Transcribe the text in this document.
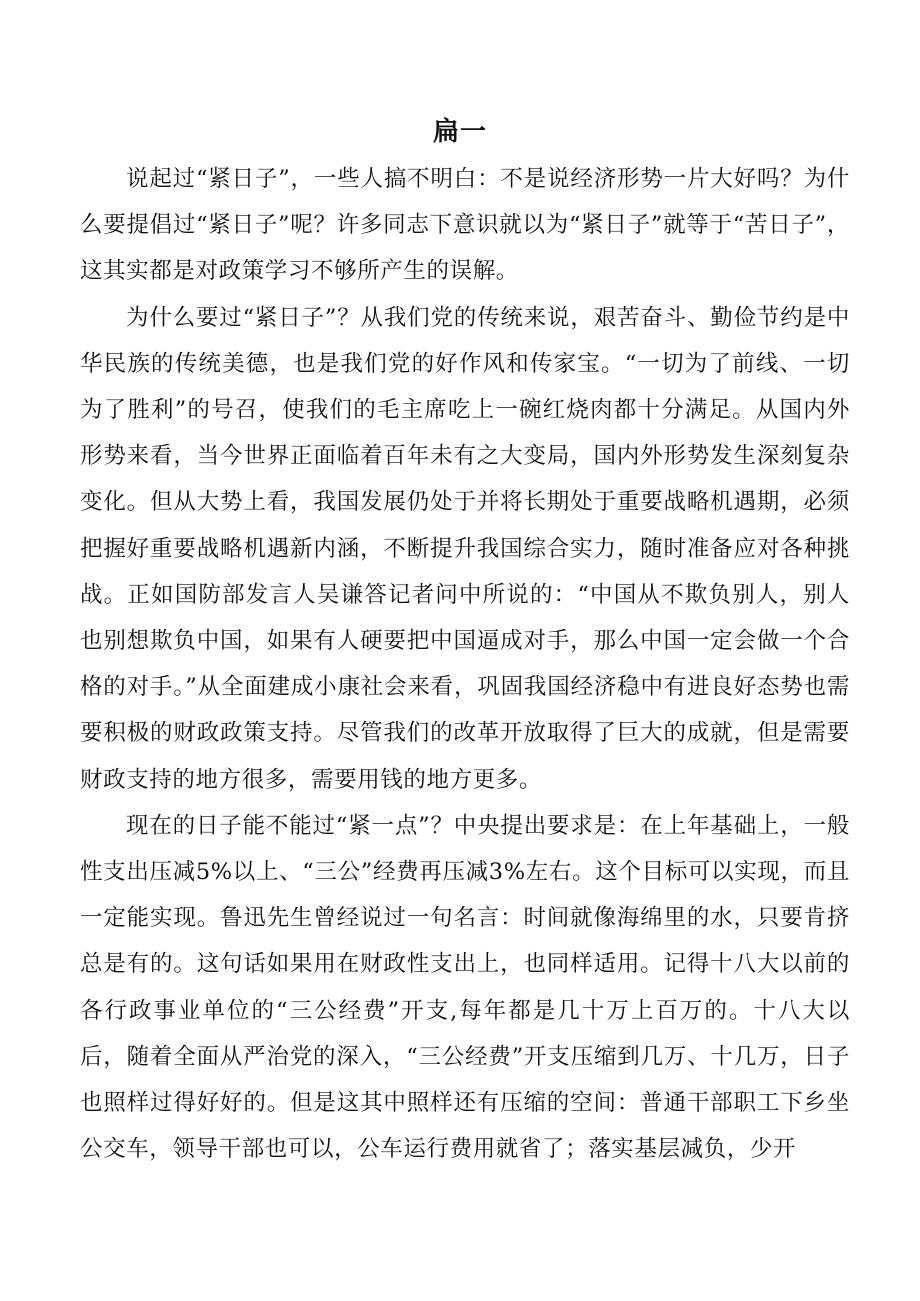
扁一

说起过“紧日子”，一些人搞不明白：不是说经济形势一片大好吗？为什么要提倡过“紧日子”呢？许多同志下意识就以为“紧日子”就等于“苦日子”，这其实都是对政策学习不够所产生的误解。

为什么要过“紧日子”？从我们党的传统来说，艰苦奋斗、勤俭节约是中华民族的传统美德，也是我们党的好作风和传家宝。“一切为了前线、一切为了胜利”的号召，使我们的毛主席吃上一碗红烧肉都十分满足。从国内外形势来看，当今世界正面临着百年未有之大变局，国内外形势发生深刻复杂变化。但从大势上看，我国发展仍处于并将长期处于重要战略机遇期，必须把握好重要战略机遇新内涵，不断提升我国综合实力，随时准备应对各种挑战。正如国防部发言人吴谦答记者问中所说的：“中国从不欺负别人，别人也别想欺负中国，如果有人硬要把中国逼成对手，那么中国一定会做一个合格的对手。”从全面建成小康社会来看，巩固我国经济稳中有进良好态势也需要积极的财政政策支持。尽管我们的改革开放取得了巨大的成就，但是需要财政支持的地方很多，需要用钱的地方更多。

现在的日子能不能过“紧一点”？中央提出要求是：在上年基础上，一般性支出压减5%以上、“三公”经费再压减3%左右。这个目标可以实现，而且一定能实现。鲁迅先生曾经说过一句名言：时间就像海绵里的水，只要肯挤总是有的。这句话如果用在财政性支出上，也同样适用。记得十八大以前的各行政事业单位的“三公经费”开支,每年都是几十万上百万的。十八大以后，随着全面从严治党的深入，“三公经费”开支压缩到几万、十几万，日子也照样过得好好的。但是这其中照样还有压缩的空间：普通干部职工下乡坐公交车，领导干部也可以，公车运行费用就省了；落实基层减负，少开
